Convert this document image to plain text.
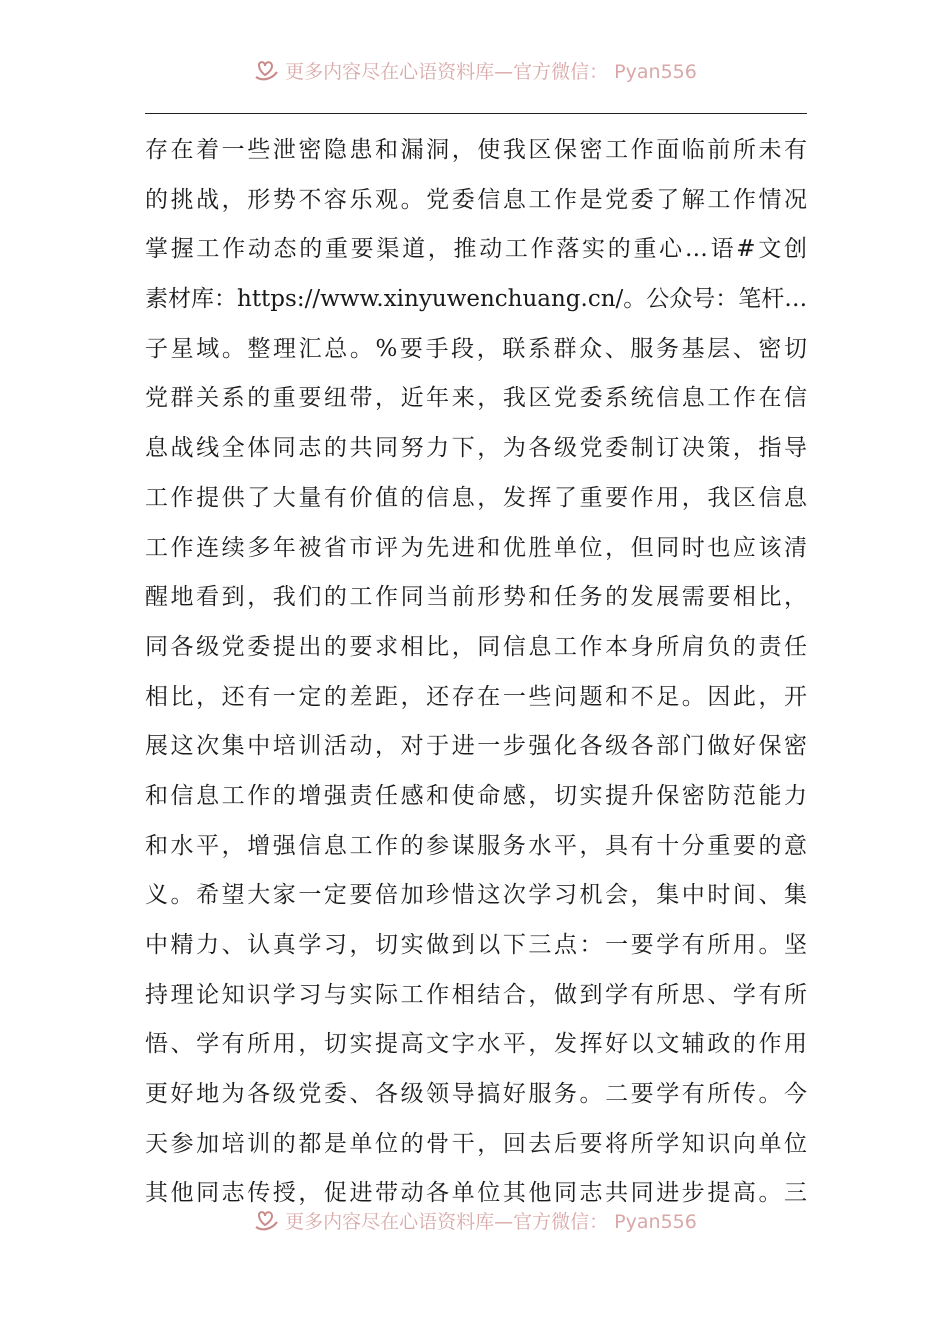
更多内容尽在心语资料库—官方微信： Pyan556
存在着一些泄密隐患和漏洞，使我区保密工作面临前所未有
的挑战，形势不容乐观。党委信息工作是党委了解工作情况
掌握工作动态的重要渠道，推动工作落实的重心…语#文创
素材库：https://www.xinyuwenchuang.cn/。公众号：笔杆…
子星域。整理汇总。%要手段，联系群众、服务基层、密切
党群关系的重要纽带，近年来，我区党委系统信息工作在信
息战线全体同志的共同努力下，为各级党委制订决策，指导
工作提供了大量有价值的信息，发挥了重要作用，我区信息
工作连续多年被省市评为先进和优胜单位，但同时也应该清
醒地看到，我们的工作同当前形势和任务的发展需要相比，
同各级党委提出的要求相比，同信息工作本身所肩负的责任
相比，还有一定的差距，还存在一些问题和不足。因此，开
展这次集中培训活动，对于进一步强化各级各部门做好保密
和信息工作的增强责任感和使命感，切实提升保密防范能力
和水平，增强信息工作的参谋服务水平，具有十分重要的意
义。希望大家一定要倍加珍惜这次学习机会，集中时间、集
中精力、认真学习，切实做到以下三点：一要学有所用。坚
持理论知识学习与实际工作相结合，做到学有所思、学有所
悟、学有所用，切实提高文字水平，发挥好以文辅政的作用
更好地为各级党委、各级领导搞好服务。二要学有所传。今
天参加培训的都是单位的骨干，回去后要将所学知识向单位
其他同志传授，促进带动各单位其他同志共同进步提高。三
更多内容尽在心语资料库—官方微信： Pyan556
